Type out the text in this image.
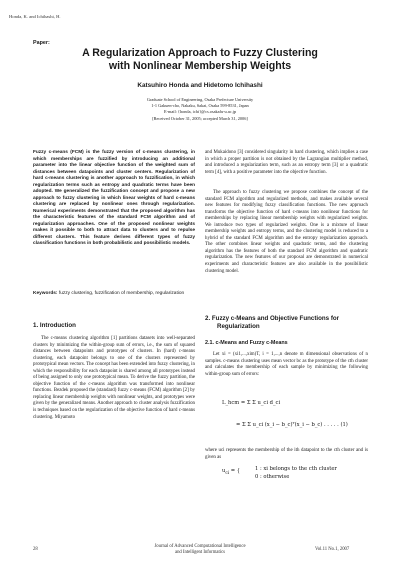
Honda, K. and Ichihashi, H.
Paper:
A Regularization Approach to Fuzzy Clustering
with Nonlinear Membership Weights
Katsuhiro Honda and Hidetomo Ichihashi
Graduate School of Engineering, Osaka Prefecture University
1-1 Gakuen-cho, Nakaku, Sakai, Osaka 599-8531, Japan
E-mail: {honda, ichi}@cs.osakafu-u.ac.jp
[Received October 31, 2005; accepted March 31, 2006]
Fuzzy c-means (FCM) is the fuzzy version of c-means clustering, in which memberships are fuzzified by introducing an additional parameter into the linear objective function of the weighted sum of distances between datapoints and cluster centers. Regularization of hard c-means clustering is another approach to fuzzification, in which regularization terms such as entropy and quadratic terms have been adopted. We generalized the fuzzification concept and propose a new approach to fuzzy clustering in which linear weights of hard c-means clustering are replaced by nonlinear ones through regularization. Numerical experiments demonstrated that the proposed algorithm has the characteristic features of the standard FCM algorithm and of regularization approaches. One of the proposed nonlinear weights makes it possible to both to attract data to clusters and to repulse different clusters. This feature derives different types of fuzzy classification functions in both probabilistic and possibilistic models.
Keywords: fuzzy clustering, fuzzification of membership, regularization
1. Introduction

The c-means clustering algorithm [1] partitions datasets into well-separated clusters by minimizing the within-group sum of errors, i.e., the sum of squared distances between datapoints and prototypes of clusters. In (hard) c-means clustering, each datapoint belongs to one of the clusters represented by prototypical mean vectors. The concept has been extended into fuzzy clustering, in which the responsibility for each datapoint is shared among all prototypes instead of being assigned to only one prototypical mean. To derive the fuzzy partition, the objective function of the c-means algorithm was transformed into nonlinear functions. Bezdek proposed the (standard) fuzzy c-means (FCM) algorithm [2] by replacing linear membership weights with nonlinear weights, and prototypes were given by the generalized means. Another approach to cluster analysis fuzzification is techniques based on the regularization of the objective function of hard c-means clustering. Miyamoto

and Mukaidono [3] considered singularity in hard clustering, which implies a case in which a proper partition is not obtained by the Lagrangian multiplier method, and introduced a regularization term, such as an entropy term [3] or a quadratic term [4], with a positive parameter into the objective function.

The approach to fuzzy clustering we propose combines the concept of the standard FCM algorithm and regularized methods, and makes available several new features for modifying fuzzy classification functions. The new approach transforms the objective function of hard c-means into nonlinear functions for memberships by replacing linear membership weights with regularized weights. We introduce two types of regularized weights. One is a mixture of linear membership weights and entropy terms, and the clustering model is reduced to a hybrid of the standard FCM algorithm and the entropy regularization approach. The other combines linear weights and quadratic terms, and the clustering algorithm has the features of both the standard FCM algorithm and quadratic regularization. The new features of our proposal are demonstrated in numerical experiments and characteristic features are also available in the possibilistic clustering model.

2. Fuzzy c-Means and Objective Functions for
Regularization
2.1. c-Means and Fuzzy c-Means

Let xi = (xi1,...,xim)T, i = 1,...,n denote m dimensional observations of n samples. c-means clustering uses mean vector bc as the prototype of the cth cluster and calculates the membership of each sample by minimizing the following within-group sum of errors:

L_hcm = Σ Σ u_ci d_ci
= Σ Σ u_ci (x_i − b_c)ᵀ(x_i − b_c) . . . . . (1)
where uci represents the membership of the ith datapoint to the cth cluster and is given as
$u_{ci}$ = {	1 : xi belongs to the cth cluster
0 : otherwise
28
Journal of Advanced Computational Intelligence
and Intelligent Informatics
Vol.11 No.1, 2007
